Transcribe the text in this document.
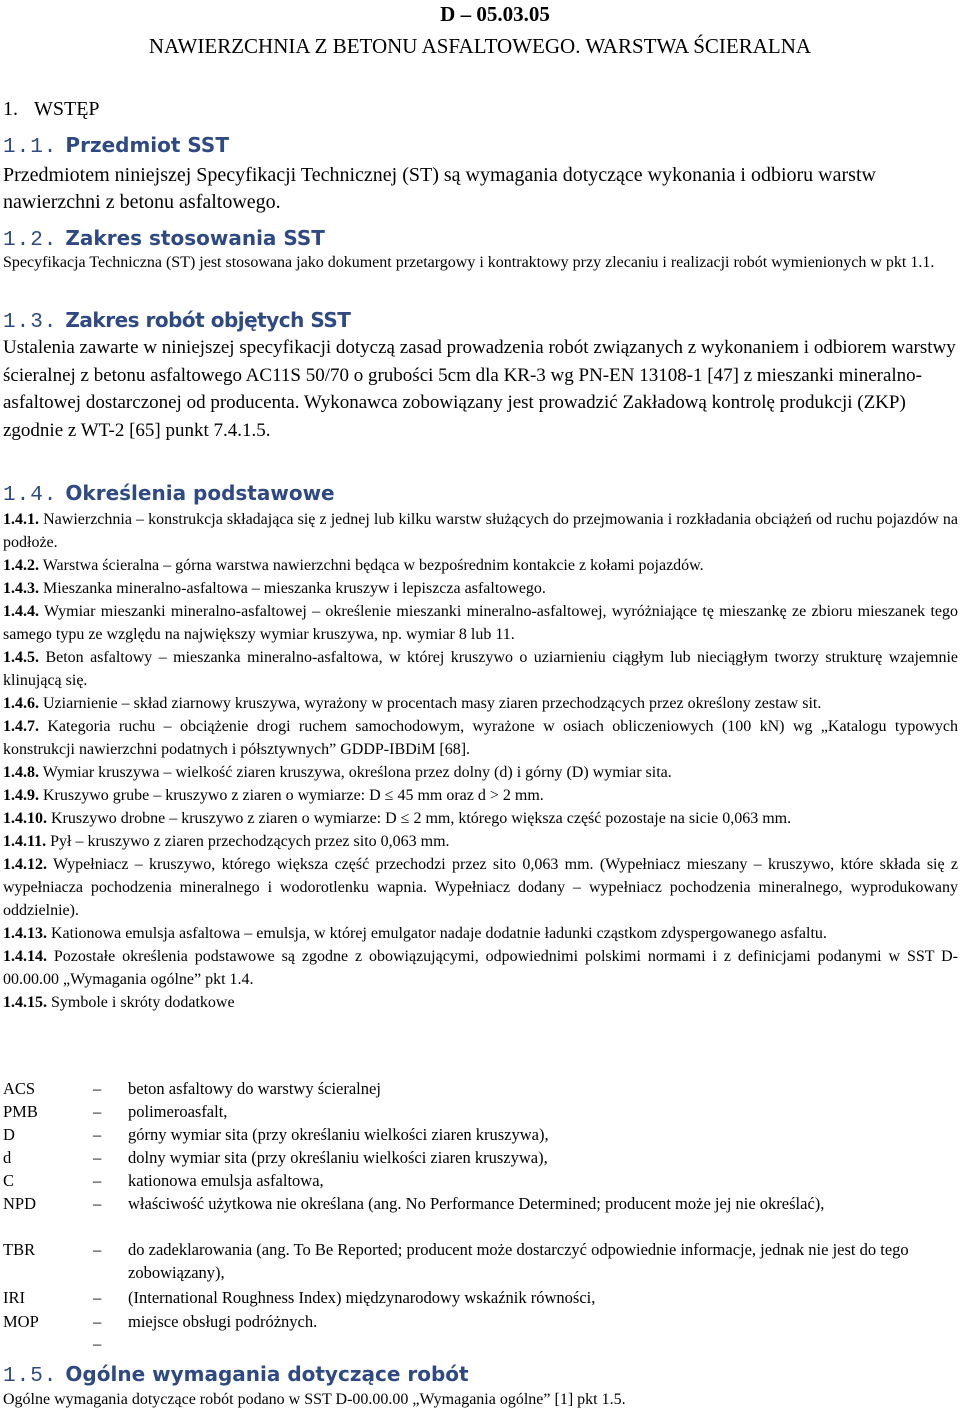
D – 05.03.05
NAWIERZCHNIA Z BETONU ASFALTOWEGO. WARSTWA ŚCIERALNA
1. WSTĘP
1.1. Przedmiot SST
Przedmiotem niniejszej Specyfikacji Technicznej (ST) są wymagania dotyczące wykonania i odbioru warstw nawierzchni z betonu asfaltowego.
1.2. Zakres stosowania SST
Specyfikacja Techniczna (ST) jest stosowana jako dokument przetargowy i kontraktowy przy zlecaniu i realizacji robót wymienionych w pkt 1.1.
1.3. Zakres robót objętych SST
Ustalenia zawarte w niniejszej specyfikacji dotyczą zasad prowadzenia robót związanych z wykonaniem i odbiorem warstwy ścieralnej z betonu asfaltowego AC11S 50/70 o grubości 5cm dla KR-3 wg PN-EN 13108-1 [47] z mieszanki mineralno-asfaltowej dostarczonej od producenta. Wykonawca zobowiązany jest prowadzić Zakładową kontrolę produkcji (ZKP) zgodnie z WT-2 [65] punkt 7.4.1.5.
1.4. Określenia podstawowe
1.4.1. Nawierzchnia – konstrukcja składająca się z jednej lub kilku warstw służących do przejmowania i rozkładania obciążeń od ruchu pojazdów na podłoże.
1.4.2. Warstwa ścieralna – górna warstwa nawierzchni będąca w bezpośrednim kontakcie z kołami pojazdów.
1.4.3. Mieszanka mineralno-asfaltowa – mieszanka kruszyw i lepiszcza asfaltowego.
1.4.4. Wymiar mieszanki mineralno-asfaltowej – określenie mieszanki mineralno-asfaltowej, wyróżniające tę mieszankę ze zbioru mieszanek tego samego typu ze względu na największy wymiar kruszywa, np. wymiar 8 lub 11.
1.4.5. Beton asfaltowy – mieszanka mineralno-asfaltowa, w której kruszywo o uziarnieniu ciągłym lub nieciągłym tworzy strukturę wzajemnie klinującą się.
1.4.6. Uziarnienie – skład ziarnowy kruszywa, wyrażony w procentach masy ziaren przechodzących przez określony zestaw sit.
1.4.7. Kategoria ruchu – obciążenie drogi ruchem samochodowym, wyrażone w osiach obliczeniowych (100 kN) wg „Katalogu typowych konstrukcji nawierzchni podatnych i półsztywnych” GDDP-IBDiM [68].
1.4.8. Wymiar kruszywa – wielkość ziaren kruszywa, określona przez dolny (d) i górny (D) wymiar sita.
1.4.9. Kruszywo grube – kruszywo z ziaren o wymiarze: D ≤ 45 mm oraz d > 2 mm.
1.4.10. Kruszywo drobne – kruszywo z ziaren o wymiarze: D ≤ 2 mm, którego większa część pozostaje na sicie 0,063 mm.
1.4.11. Pył – kruszywo z ziaren przechodzących przez sito 0,063 mm.
1.4.12. Wypełniacz – kruszywo, którego większa część przechodzi przez sito 0,063 mm. (Wypełniacz mieszany – kruszywo, które składa się z wypełniacza pochodzenia mineralnego i wodorotlenku wapnia. Wypełniacz dodany – wypełniacz pochodzenia mineralnego, wyprodukowany oddzielnie).
1.4.13. Kationowa emulsja asfaltowa – emulsja, w której emulgator nadaje dodatnie ładunki cząstkom zdyspergowanego asfaltu.
1.4.14. Pozostałe określenia podstawowe są zgodne z obowiązującymi, odpowiednimi polskimi normami i z definicjami podanymi w SST D-00.00.00 „Wymagania ogólne” pkt 1.4.
1.4.15. Symbole i skróty dodatkowe
ACS	– beton asfaltowy do warstwy ścieralnej
PMB	– polimeroasfalt,
D	– górny wymiar sita (przy określaniu wielkości ziaren kruszywa),
d	– dolny wymiar sita (przy określaniu wielkości ziaren kruszywa),
C	– kationowa emulsja asfaltowa,
NPD	– właściwość użytkowa nie określana (ang. No Performance Determined; producent może jej nie określać),
TBR	– do zadeklarowania (ang. To Be Reported; producent może dostarczyć odpowiednie informacje, jednak nie jest do tego zobowiązany),
IRI	– (International Roughness Index) międzynarodowy wskaźnik równości,
MOP	– miejsce obsługi podróżnych.
–
1.5. Ogólne wymagania dotyczące robót
Ogólne wymagania dotyczące robót podano w SST D-00.00.00 „Wymagania ogólne” [1] pkt 1.5.
